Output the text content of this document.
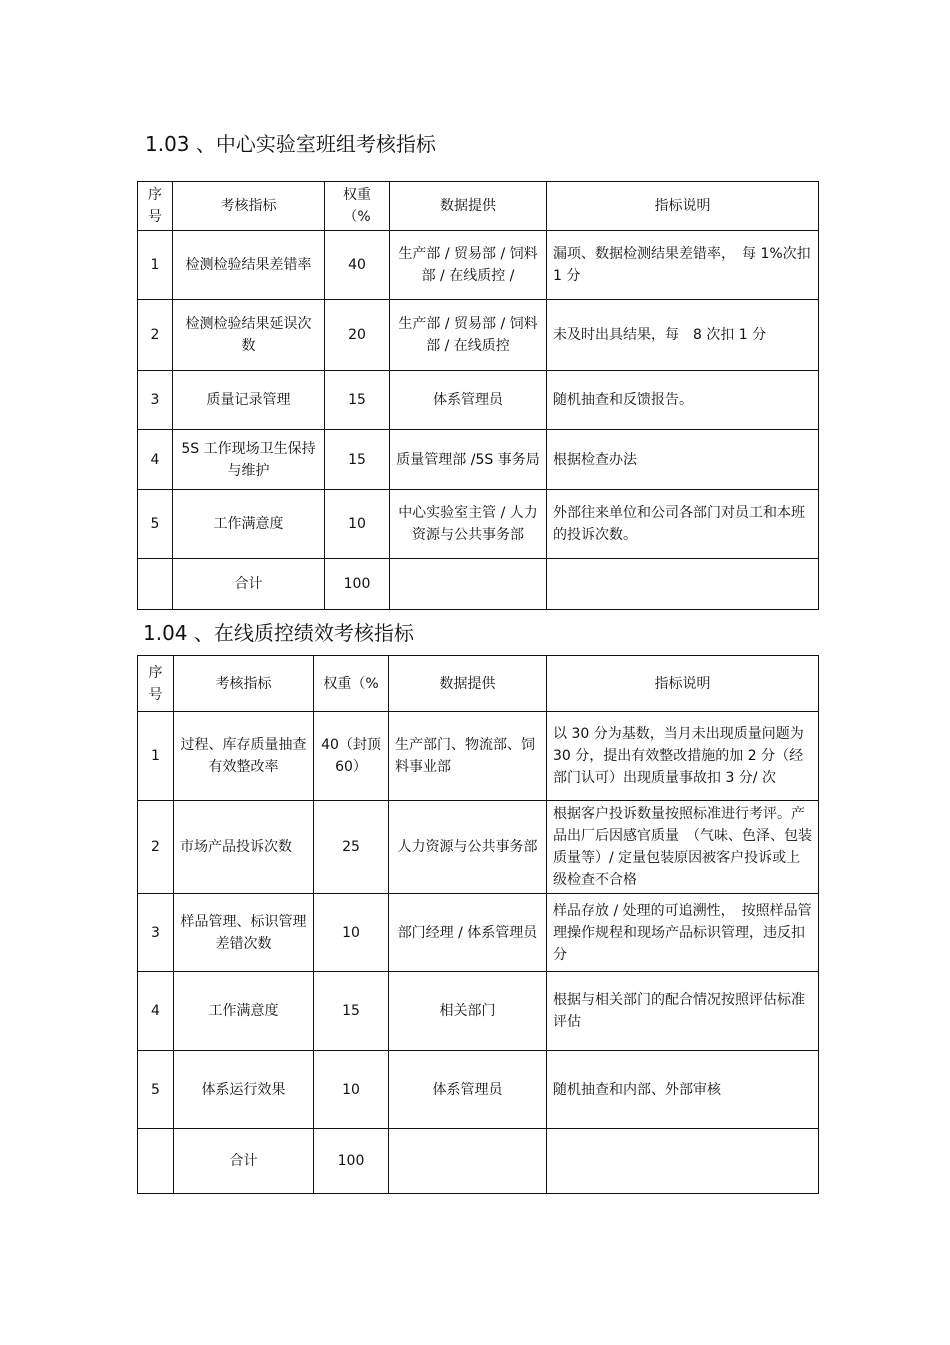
1.03 、中心实验室班组考核指标
序号	考核指标	权重（%	数据提供	指标说明
1	检测检验结果差错率	40	生产部 / 贸易部 / 饲料部 / 在线质控 /	漏项、数据检测结果差错率，　每 1%次扣 1 分
2	检测检验结果延误次数	20	生产部 / 贸易部 / 饲料部 / 在线质控	未及时出具结果，每　8 次扣 1 分
3	质量记录管理	15	体系管理员	随机抽查和反馈报告。
4	5S 工作现场卫生保持与维护	15	质量管理部 /5S 事务局	根据检查办法
5	工作满意度	10	中心实验室主管 / 人力资源与公共事务部	外部往来单位和公司各部门对员工和本班的投诉次数。
	合计	100		
1.04 、在线质控绩效考核指标
序号	考核指标	权重（%	数据提供	指标说明
1	过程、库存质量抽查有效整改率	40（封顶 60）	生产部门、物流部、饲料事业部	以 30 分为基数，当月未出现质量问题为 30 分，提出有效整改措施的加 2 分（经部门认可）出现质量事故扣 3 分/ 次
2	市场产品投诉次数	25	人力资源与公共事务部	根据客户投诉数量按照标准进行考评。产品出厂后因感官质量　（气味、色泽、包装质量等）/ 定量包装原因被客户投诉或上级检查不合格
3	样品管理、标识管理差错次数	10	部门经理 / 体系管理员	样品存放 / 处理的可追溯性，　按照样品管理操作规程和现场产品标识管理，违反扣分
4	工作满意度	15	相关部门	根据与相关部门的配合情况按照评估标准评估
5	体系运行效果	10	体系管理员	随机抽查和内部、外部审核
	合计	100		
